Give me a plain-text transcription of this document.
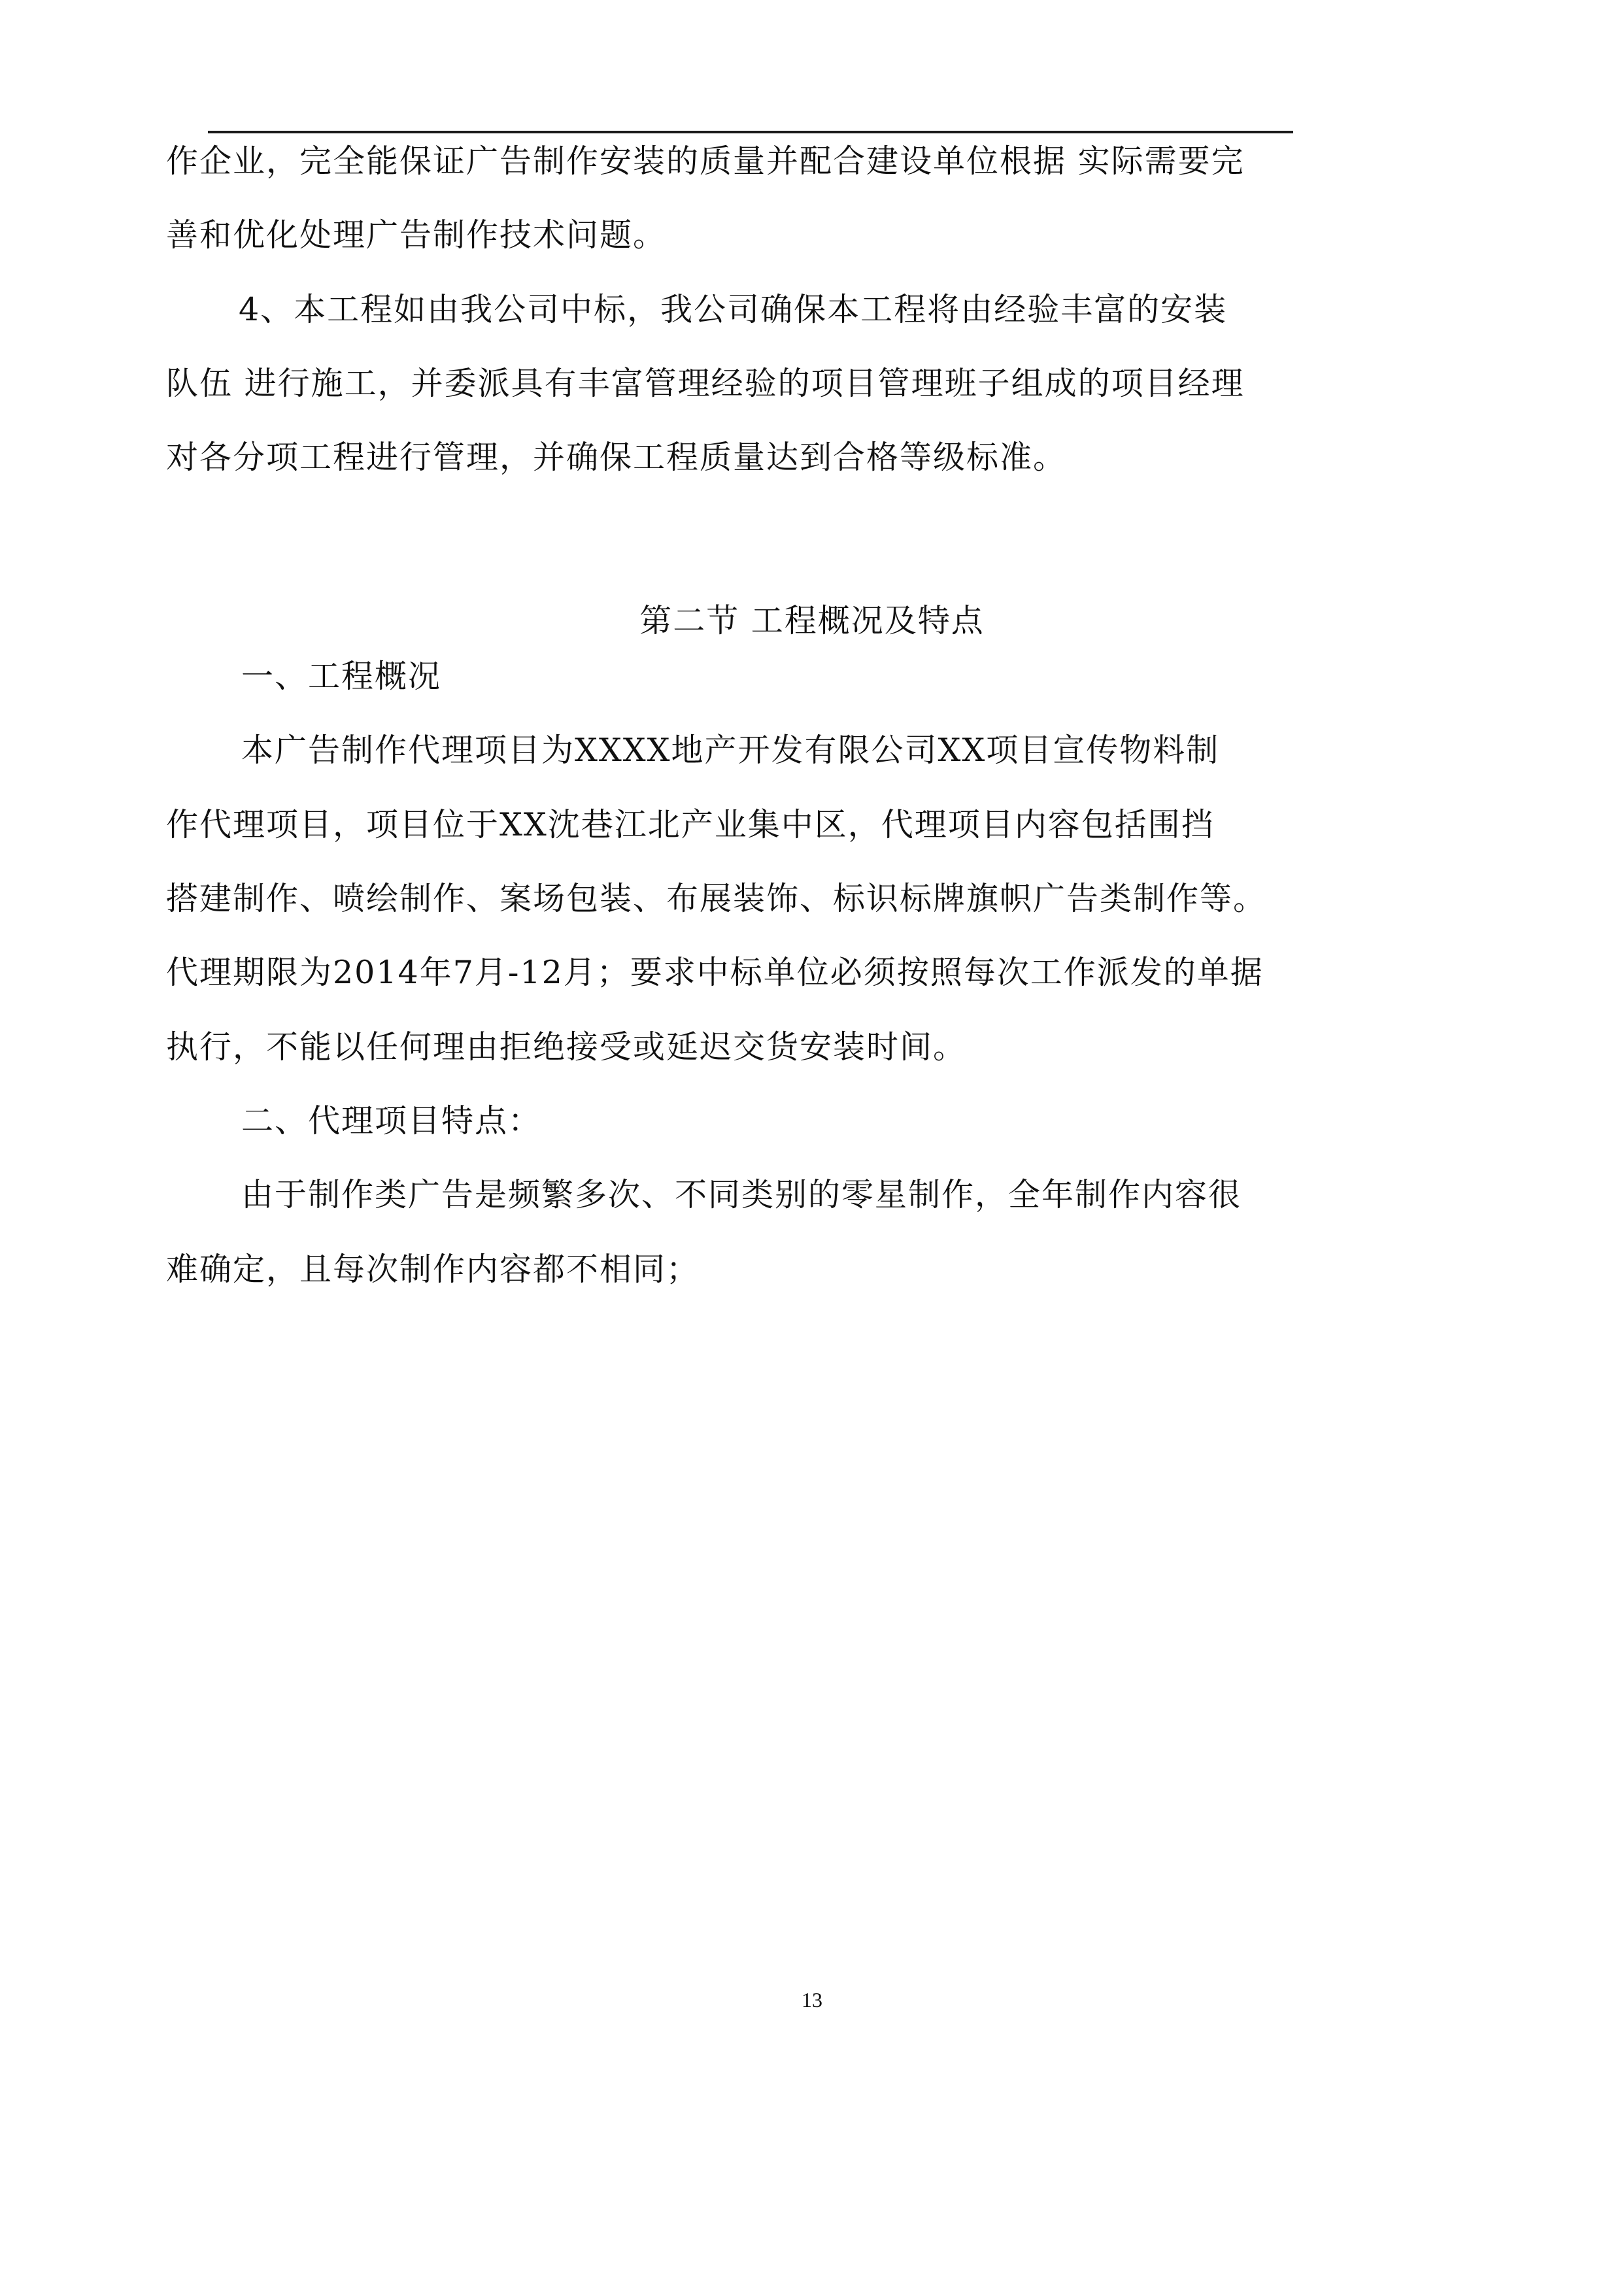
作企业，完全能保证广告制作安装的质量并配合建设单位根据 实际需要完
善和优化处理广告制作技术问题。
　4、本工程如由我公司中标，我公司确保本工程将由经验丰富的安装
队伍 进行施工，并委派具有丰富管理经验的项目管理班子组成的项目经理
对各分项工程进行管理，并确保工程质量达到合格等级标准。
第二节 工程概况及特点
一、工程概况
本广告制作代理项目为XXXX地产开发有限公司XX项目宣传物料制
作代理项目，项目位于XX沈巷江北产业集中区，代理项目内容包括围挡
搭建制作、喷绘制作、案场包装、布展装饰、标识标牌旗帜广告类制作等。
代理期限为2014年7月-12月；要求中标单位必须按照每次工作派发的单据
执行，不能以任何理由拒绝接受或延迟交货安装时间。
二、代理项目特点：
由于制作类广告是频繁多次、不同类别的零星制作，全年制作内容很
难确定，且每次制作内容都不相同；
13
